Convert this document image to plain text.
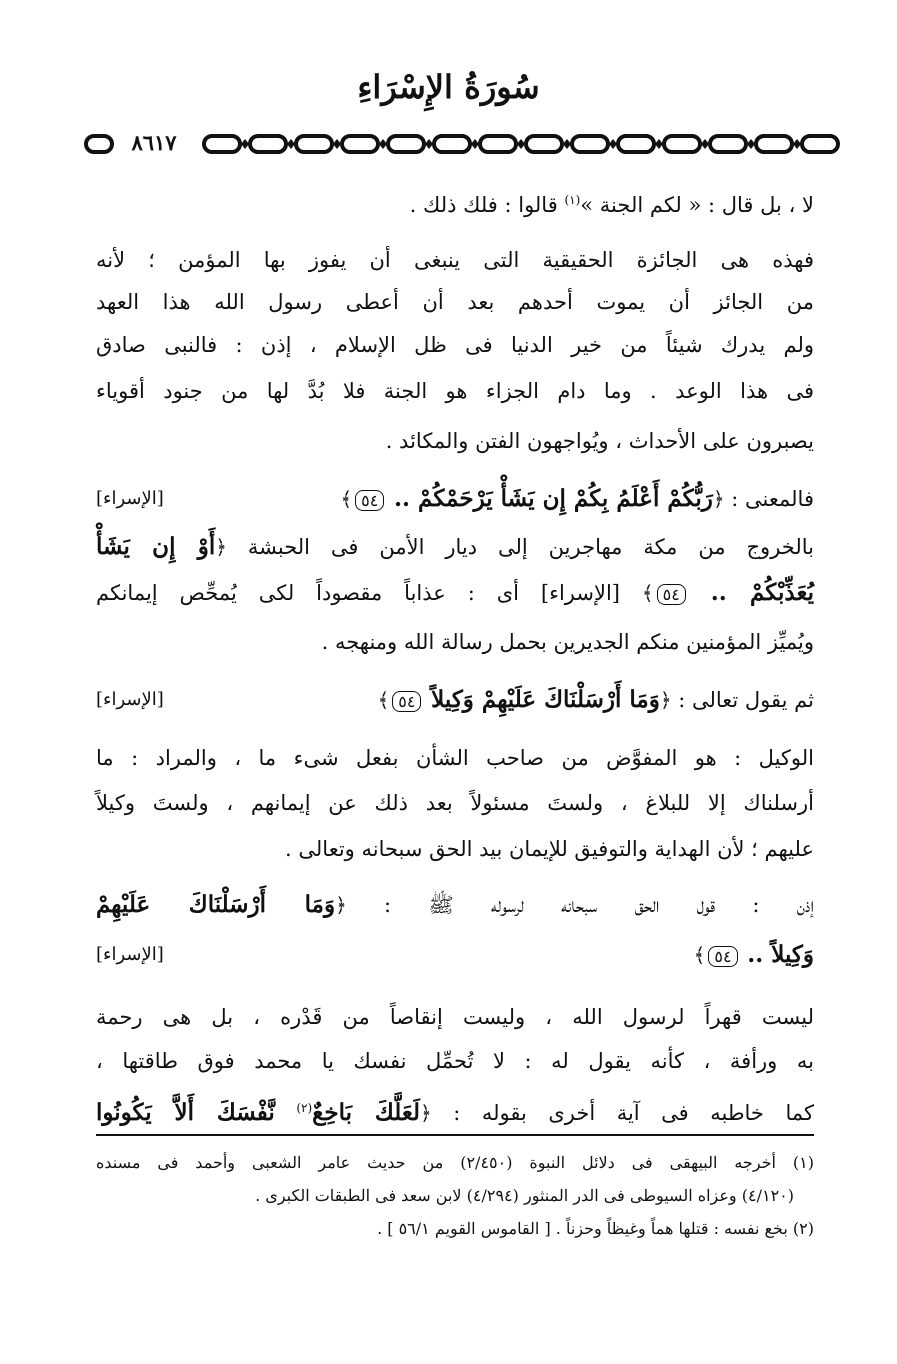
سُورَةُ الإِسْرَاءِ
٨٦١٧
لا ، بل قال : « لكم الجنة »$^{(١)}$ قالوا : فلك ذلك .
فهذه هى الجائزة الحقيقية التى ينبغى أن يفوز بها المؤمن ؛ لأنه
من الجائز أن يموت أحدهم بعد أن أعطى رسول الله هذا العهد
ولم يدرك شيئاً من خير الدنيا فى ظل الإسلام ، إذن : فالنبى صادق
فى هذا الوعد . وما دام الجزاء هو الجنة فلا بُدَّ لها من جنود أقوياء
يصبرون على الأحداث ، ويُواجهون الفتن والمكائد .
فالمعنى : ﴿رَبُّكُمْ أَعْلَمُ بِكُمْ إِن يَشَأْ يَرْحَمْكُمْ .. ٥٤﴾
[الإسراء]
بالخروج من مكة مهاجرين إلى ديار الأمن فى الحبشة ﴿أَوْ إِن يَشَأْ
يُعَذِّبْكُمْ .. ٥٤﴾ [الإسراء] أى : عذاباً مقصوداً لكى يُمحِّص إيمانكم
ويُميِّز المؤمنين منكم الجديرين بحمل رسالة الله ومنهجه .
ثم يقول تعالى : ﴿وَمَا أَرْسَلْنَاكَ عَلَيْهِمْ وَكِيلاً ٥٤﴾
[الإسراء]
الوكيل : هو المفوَّض من صاحب الشأن بفعل شىء ما ، والمراد : ما
أرسلناك إلا للبلاغ ، ولستَ مسئولاً بعد ذلك عن إيمانهم ، ولستَ وكيلاً
عليهم ؛ لأن الهداية والتوفيق للإيمان بيد الحق سبحانه وتعالى .
إذن : قول الحق سبحانه لرسوله ﷺ : ﴿وَمَا أَرْسَلْنَاكَ عَلَيْهِمْ
وَكِيلاً .. ٥٤﴾
[الإسراء]
ليست قهراً لرسول الله ، وليست إنقاصاً من قَدْره ، بل هى رحمة
به ورأفة ، كأنه يقول له : لا تُحمِّل نفسك يا محمد فوق طاقتها ،
كما خاطبه فى آية أخرى بقوله : ﴿لَعَلَّكَ بَاخِعٌ$^{(٢)}$ نَّفْسَكَ أَلاَّ يَكُونُوا
(١) أخرجه البيهقى فى دلائل النبوة (٢/٤٥٠) من حديث عامر الشعبى وأحمد فى مسنده
(٤/١٢٠) وعزاه السيوطى فى الدر المنثور (٤/٢٩٤) لابن سعد فى الطبقات الكبرى .
(٢) بخع نفسه : قتلها هماً وغيظاً وحزناً . [ القاموس القويم ٥٦/١ ] .
